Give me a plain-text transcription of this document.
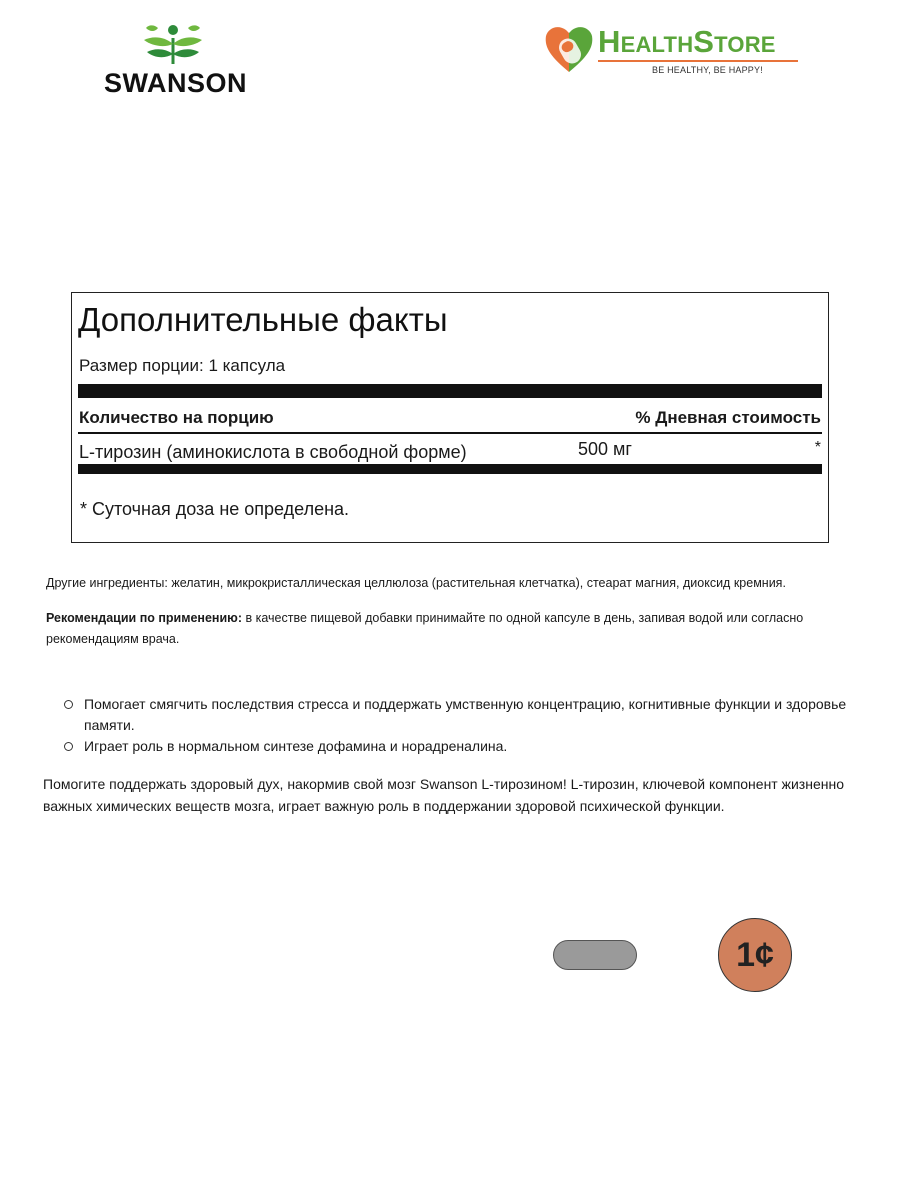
SWANSON
HealthStore
BE HEALTHY, BE HAPPY!
Дополнительные факты
Размер порции: 1 капсула
Количество на порцию	% Дневная стоимость
L-тирозин (аминокислота в свободной форме)	500 мг	*
* Суточная доза не определена.
Другие ингредиенты: желатин, микрокристаллическая целлюлоза (растительная клетчатка), стеарат магния, диоксид кремния.
Рекомендации по применению: в качестве пищевой добавки принимайте по одной капсуле в день, запивая водой или согласно рекомендациям врача.
Помогает смягчить последствия стресса и поддержать умственную концентрацию, когнитивные функции и здоровье памяти.
Играет роль в нормальном синтезе дофамина и норадреналина.
Помогите поддержать здоровый дух, накормив свой мозг Swanson L-тирозином! L-тирозин, ключевой компонент жизненно важных химических веществ мозга, играет важную роль в поддержании здоровой психической функции.
1¢
